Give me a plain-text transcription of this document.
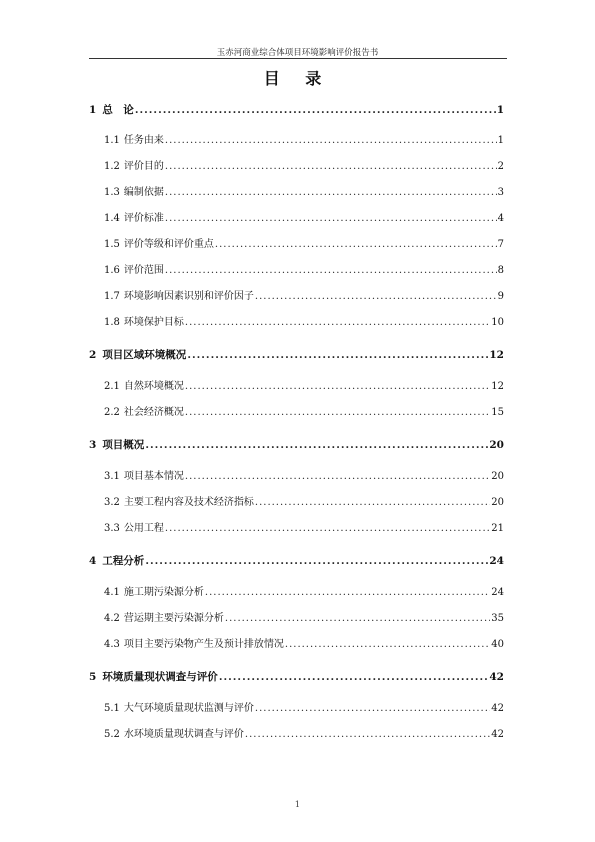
玉赤河商业综合体项目环境影响评价报告书
目 录
1 总　论 .....	1
1.1 任务由来 .....	1
1.2 评价目的 .....	2
1.3 编制依据 .....	3
1.4 评价标准 .....	4
1.5 评价等级和评价重点 .....	7
1.6 评价范围 .....	8
1.7 环境影响因素识别和评价因子 .....	9
1.8 环境保护目标 .....	10
2 项目区域环境概况 .....	12
2.1 自然环境概况 .....	12
2.2 社会经济概况 .....	15
3 项目概况 .....	20
3.1 项目基本情况 .....	20
3.2 主要工程内容及技术经济指标 .....	20
3.3 公用工程 .....	21
4 工程分析 .....	24
4.1 施工期污染源分析 .....	24
4.2 营运期主要污染源分析 .....	35
4.3 项目主要污染物产生及预计排放情况 .....	40
5 环境质量现状调查与评价 .....	42
5.1 大气环境质量现状监测与评价 .....	42
5.2 水环境质量现状调查与评价 .....	42
1
